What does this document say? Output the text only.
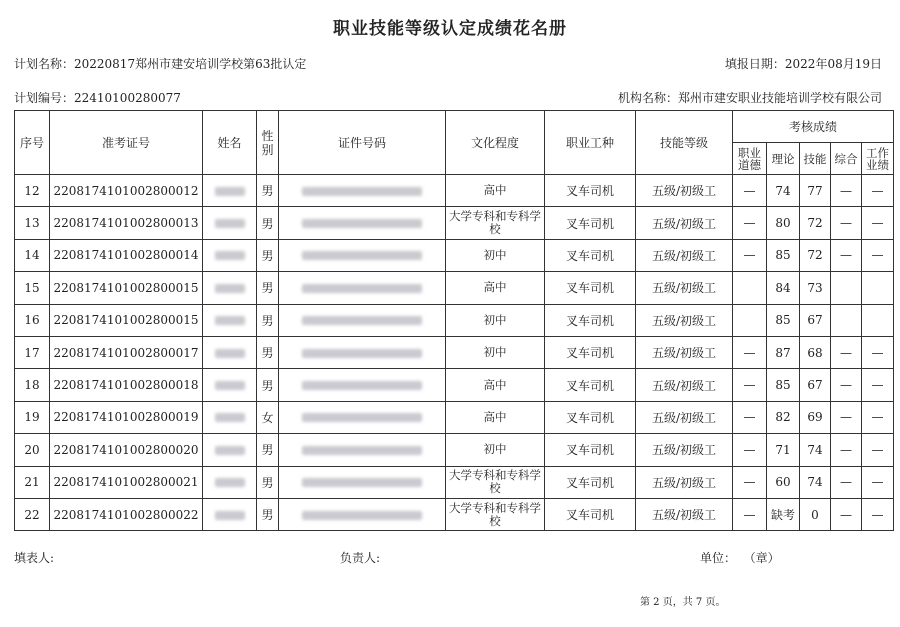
职业技能等级认定成绩花名册
计划名称：20220817郑州市建安培训学校第63批认定	填报日期：2022年08月19日
计划编号：22410100280077	机构名称：郑州市建安职业技能培训学校有限公司
序号	准考证号	姓名	性别	证件号码	文化程度	职业工种	技能等级	考核成绩				
								职业道德	理论	技能	综合	工作业绩
12	2208174101002800012		男		高中	叉车司机	五级/初级工	—	74	77	—	—
13	2208174101002800013		男		大学专科和专科学校	叉车司机	五级/初级工	—	80	72	—	—
14	2208174101002800014		男		初中	叉车司机	五级/初级工	—	85	72	—	—
15	2208174101002800015		男		高中	叉车司机	五级/初级工		84	73		
16	2208174101002800015		男		初中	叉车司机	五级/初级工		85	67		
17	2208174101002800017		男		初中	叉车司机	五级/初级工	—	87	68	—	—
18	2208174101002800018		男		高中	叉车司机	五级/初级工	—	85	67	—	—
19	2208174101002800019		女		高中	叉车司机	五级/初级工	—	82	69	—	—
20	2208174101002800020		男		初中	叉车司机	五级/初级工	—	71	74	—	—
21	2208174101002800021		男		大学专科和专科学校	叉车司机	五级/初级工	—	60	74	—	—
22	2208174101002800022		男		大学专科和专科学校	叉车司机	五级/初级工	—	缺考	0	—	—
填表人:	负责人:	单位：  （章）
第 2 页，共 7 页。
